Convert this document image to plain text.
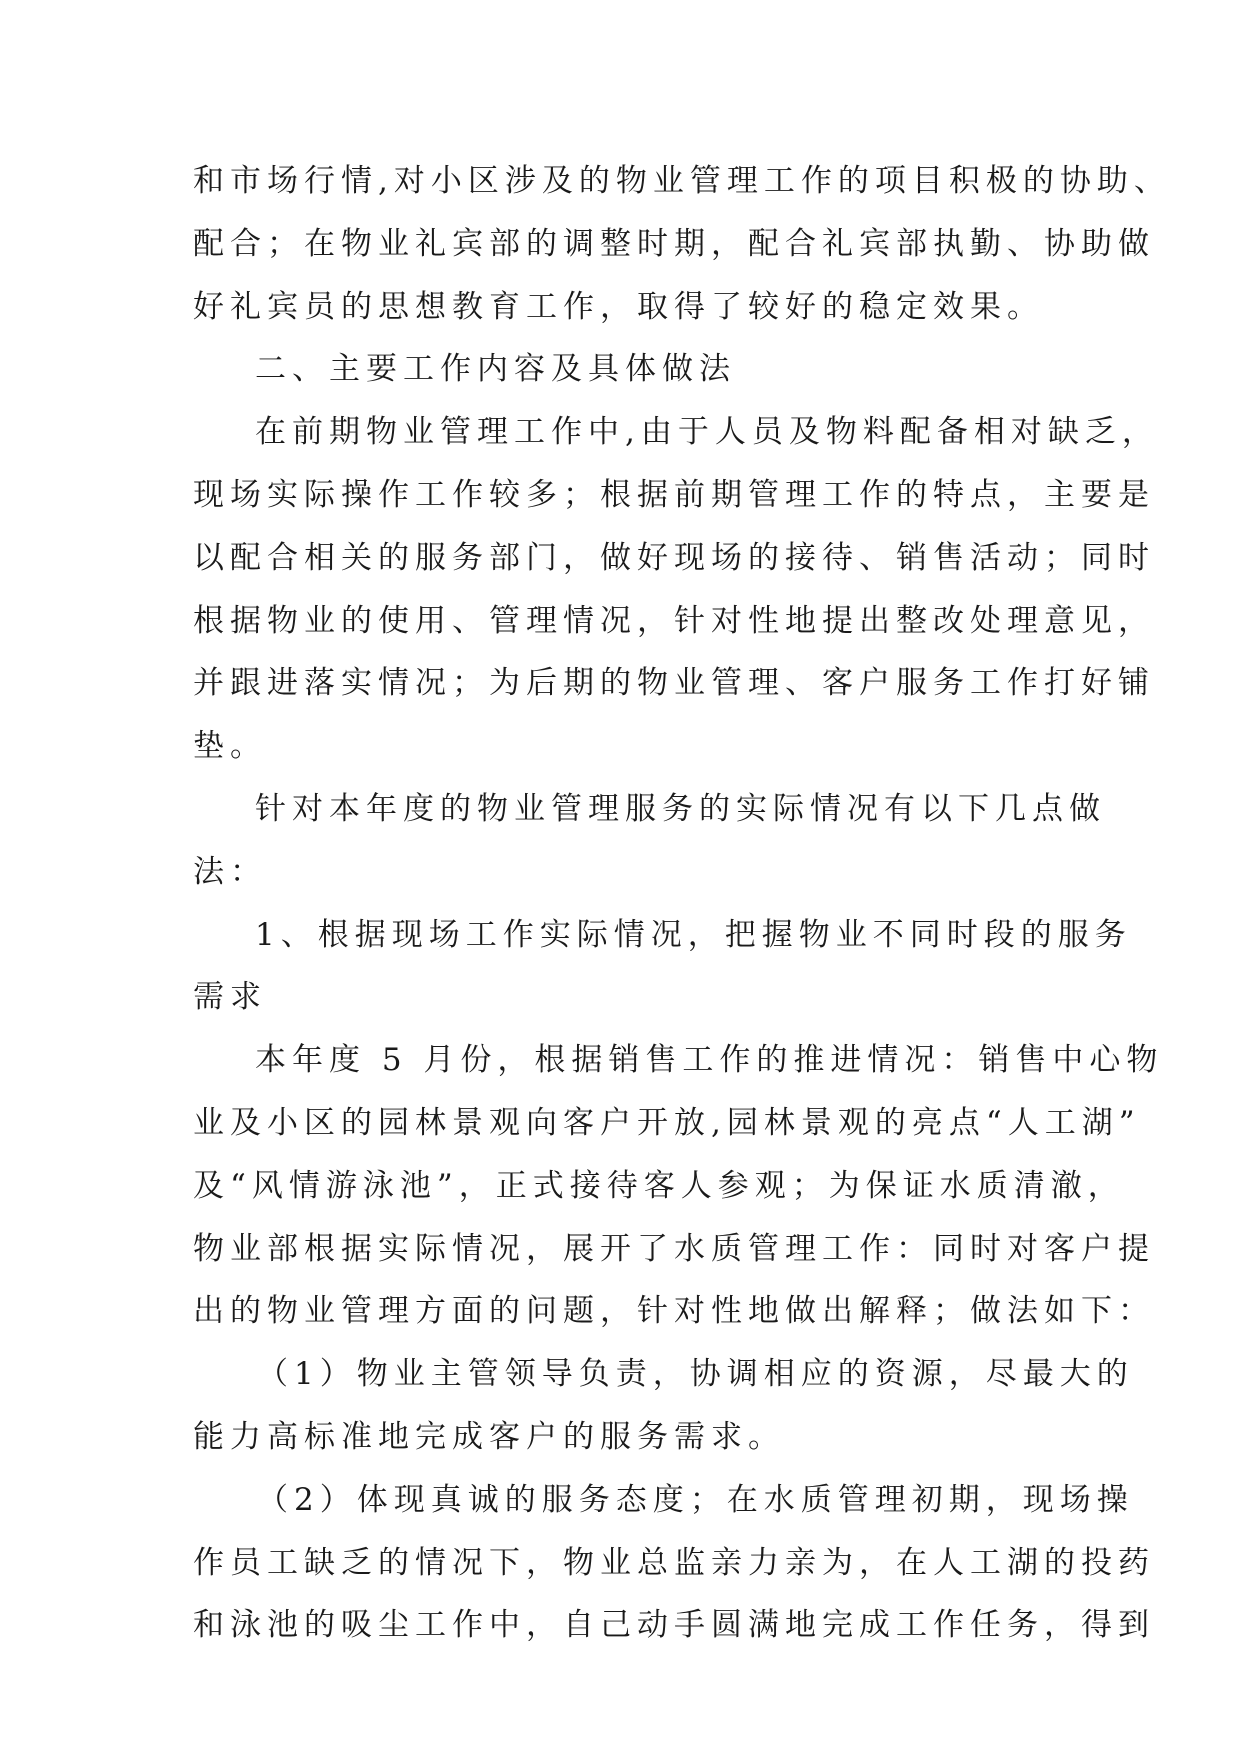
和市场行情,对小区涉及的物业管理工作的项目积极的协助、
配合；在物业礼宾部的调整时期，配合礼宾部执勤、协助做
好礼宾员的思想教育工作，取得了较好的稳定效果。
二、主要工作内容及具体做法
在前期物业管理工作中,由于人员及物料配备相对缺乏，
现场实际操作工作较多；根据前期管理工作的特点，主要是
以配合相关的服务部门，做好现场的接待、销售活动；同时
根据物业的使用、管理情况，针对性地提出整改处理意见，
并跟进落实情况；为后期的物业管理、客户服务工作打好铺
垫。
针对本年度的物业管理服务的实际情况有以下几点做
法：
1、根据现场工作实际情况，把握物业不同时段的服务
需求
本年度 5 月份，根据销售工作的推进情况：销售中心物
业及小区的园林景观向客户开放,园林景观的亮点“人工湖”
及“风情游泳池”，正式接待客人参观；为保证水质清澈，
物业部根据实际情况，展开了水质管理工作：同时对客户提
出的物业管理方面的问题，针对性地做出解释；做法如下：
（1）物业主管领导负责，协调相应的资源，尽最大的
能力高标准地完成客户的服务需求。
（2）体现真诚的服务态度；在水质管理初期，现场操
作员工缺乏的情况下，物业总监亲力亲为，在人工湖的投药
和泳池的吸尘工作中，自己动手圆满地完成工作任务，得到
